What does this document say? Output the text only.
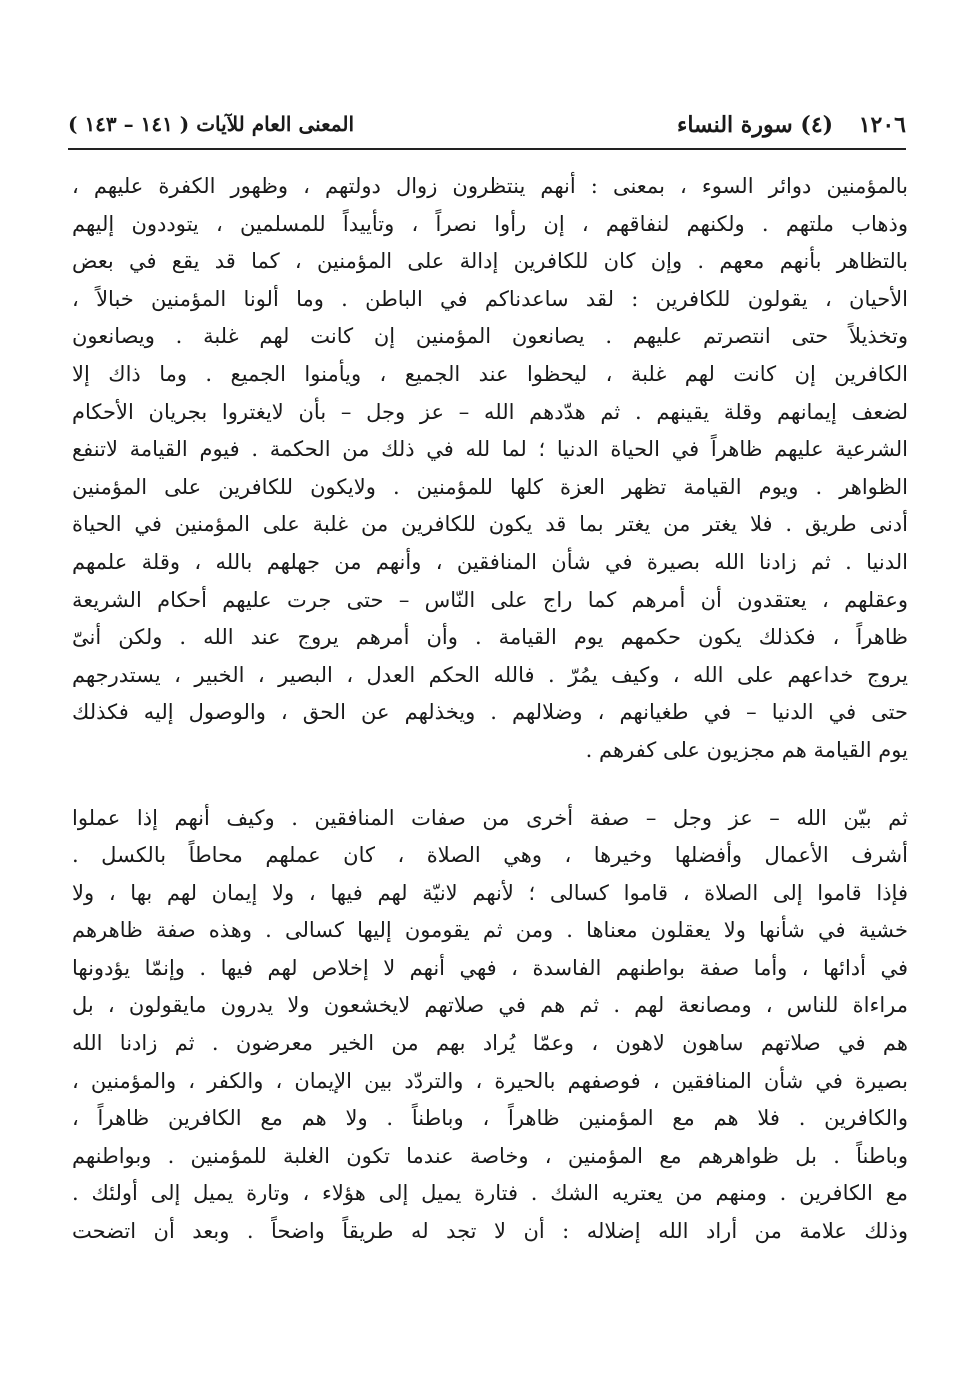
١٢٠٦ (٤) سورة النساء
المعنى العام للآيات ( ١٤١ – ١٤٣ )
بالمؤمنين دوائر السوء ، بمعنى : أنهم ينتظرون زوال دولتهم ، وظهور الكفرة عليهم ،
وذهاب ملتهم . ولكنهم لنفاقهم ، إن رأوا نصراً ، وتأييداً للمسلمين ، يتوددون إليهم
بالتظاهر بأنهم معهم . وإن كان للكافرين إدالة على المؤمنين ، كما قد يقع في بعض
الأحيان ، يقولون للكافرين : لقد ساعدناكم في الباطن . وما ألونا المؤمنين خبالاً ،
وتخذيلاً حتى انتصرتم عليهم . يصانعون المؤمنين إن كانت لهم غلبة . ويصانعون
الكافرين إن كانت لهم غلبة ، ليحظوا عند الجميع ، ويأمنوا الجميع . وما ذاك إلا
لضعف إيمانهم وقلة يقينهم . ثم هدّدهم الله – عز وجل – بأن لايغتروا بجريان الأحكام
الشرعية عليهم ظاهراً في الحياة الدنيا ؛ لما لله في ذلك من الحكمة . فيوم القيامة لاتنفع
الظواهر . ويوم القيامة تظهر العزة كلها للمؤمنين . ولايكون للكافرين على المؤمنين
أدنى طريق . فلا يغتر من يغتر بما قد يكون للكافرين من غلبة على المؤمنين في الحياة
الدنيا . ثم زادنا الله بصيرة في شأن المنافقين ، وأنهم من جهلهم بالله ، وقلة علمهم
وعقلهم ، يعتقدون أن أمرهم كما راج على النّاس – حتى جرت عليهم أحكام الشريعة
ظاهراً ، فكذلك يكون حكمهم يوم القيامة . وأن أمرهم يروج عند الله . ولكن أنىّ
يروج خداعهم على الله ، وكيف يمُرّ . فالله الحكم العدل ، البصير ، الخبير ، يستدرجهم
حتى في الدنيا – في طغيانهم ، وضلالهم . ويخذلهم عن الحق ، والوصول إليه فكذلك
يوم القيامة هم مجزيون على كفرهم .
ثم بيّن الله – عز وجل – صفة أخرى من صفات المنافقين . وكيف أنهم إذا عملوا
أشرف الأعمال وأفضلها وخيرها ، وهي الصلاة ، كان عملهم محاطاً بالكسل .
فإذا قاموا إلى الصلاة ، قاموا كسالى ؛ لأنهم لانيّة لهم فيها ، ولا إيمان لهم بها ، ولا
خشية في شأنها ولا يعقلون معناها . ومن ثم يقومون إليها كسالى . وهذه صفة ظاهرهم
في أدائها ، وأما صفة بواطنهم الفاسدة ، فهي أنهم لا إخلاص لهم فيها . وإنمّا يؤدونها
مراءاة للناس ، ومصانعة لهم . ثم هم في صلاتهم لايخشعون ولا يدرون مايقولون ، بل
هم في صلاتهم ساهون لاهون ، وعمّا يُراد بهم من الخير معرضون . ثم زادنا الله
بصيرة في شأن المنافقين ، فوصفهم بالحيرة ، والتردّد بين الإيمان ، والكفر ، والمؤمنين ،
والكافرين . فلا هم مع المؤمنين ظاهراً ، وباطناً . ولا هم مع الكافرين ظاهراً ،
وباطناً . بل ظواهرهم مع المؤمنين ، وخاصة عندما تكون الغلبة للمؤمنين . وبواطنهم
مع الكافرين . ومنهم من يعتريه الشك . فتارة يميل إلى هؤلاء ، وتارة يميل إلى أولئك .
وذلك علامة من أراد الله إضلاله : أن لا تجد له طريقاً واضحاً . وبعد أن اتضحت
